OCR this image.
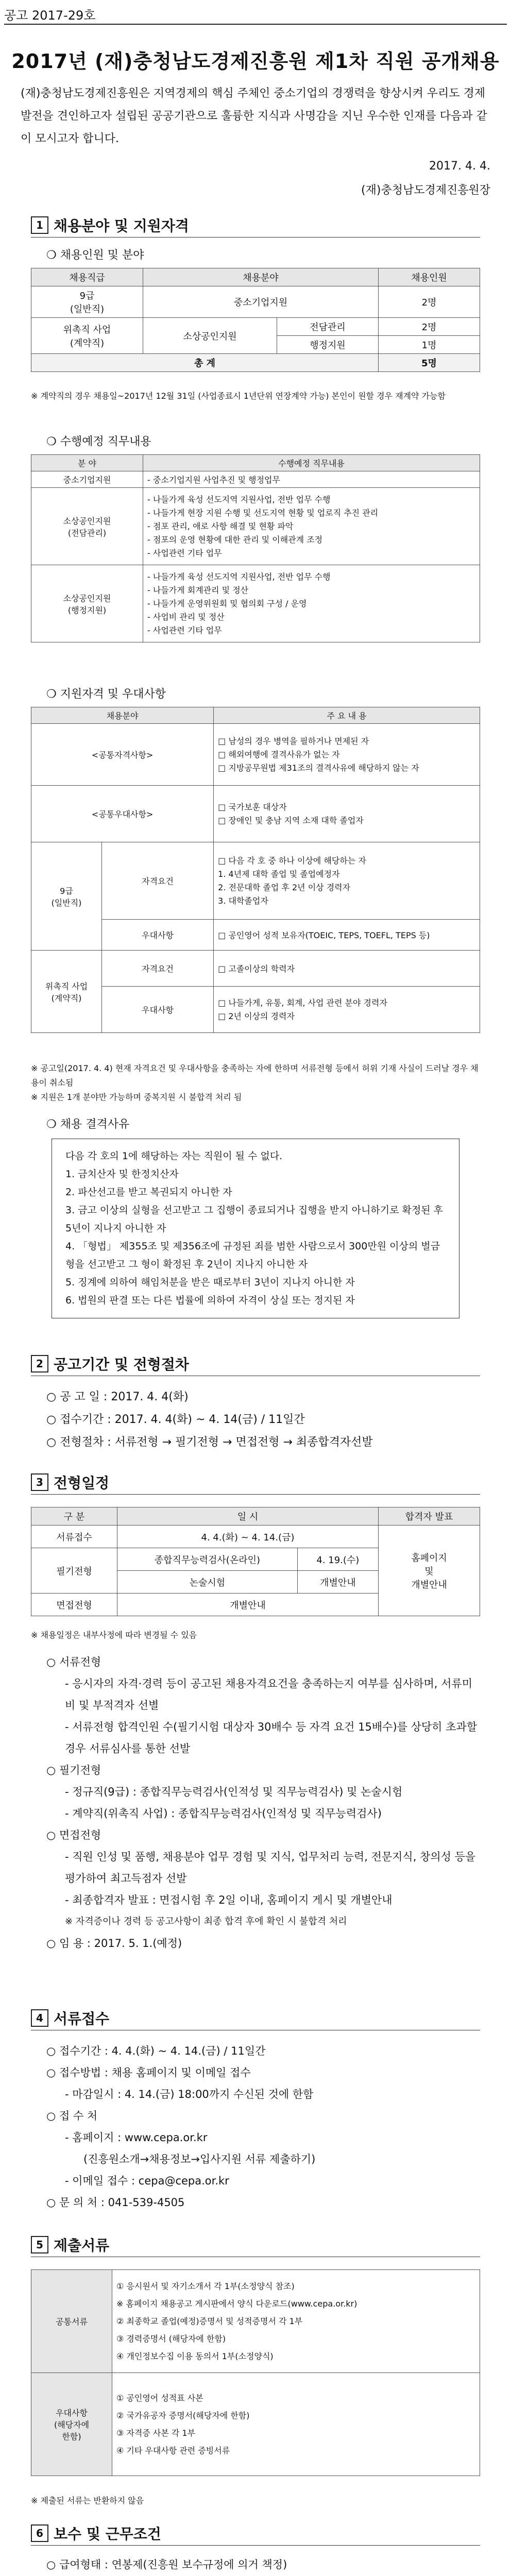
공고 2017-29호
2017년 (재)충청남도경제진흥원 제1차 직원 공개채용
(재)충청남도경제진흥원은 지역경제의 핵심 주체인 중소기업의 경쟁력을 향상시켜 우리도 경제발전을 견인하고자 설립된 공공기관으로 훌륭한 지식과 사명감을 지닌 우수한 인재를 다음과 같이 모시고자 합니다.
2017. 4. 4.
(재)충청남도경제진흥원장
1 채용분야 및 지원자격
❍ 채용인원 및 분야
채용직급	채용분야		채용인원
9급
(일반직)	중소기업지원		2명
위촉직 사업
(계약직)	소상공인지원	전담관리	2명
		행정지원	1명
총 계			5명
※ 계약직의 경우 채용일~2017년 12월 31일 (사업종료시 1년단위 연장계약 가능) 본인이 원할 경우 재계약 가능함
❍ 수행예정 직무내용
분 야	수행예정 직무내용
중소기업지원	- 중소기업지원 사업추진 및 행정업무
소상공인지원
(전담관리)	- 나들가게 육성 선도지역 지원사업, 전반 업무 수행
- 나들가게 현장 지원 수행 및 선도지역 현황 및 업로직 추진 관리
- 점포 관리, 애로 사항 해결 및 현황 파악
- 점포의 운영 현황에 대한 관리 및 이해관계 조정
- 사업관련 기타 업무
소상공인지원
(행정지원)	- 나들가게 육성 선도지역 지원사업, 전반 업무 수행
- 나들가게 회계관리 및 정산
- 나들가게 운영위원회 및 협의회 구성 / 운영
- 사업비 관리 및 정산
- 사업관련 기타 업무
❍ 지원자격 및 우대사항
채용분야		주 요 내 용
<공통자격사항>		□ 남성의 경우 병역을 필하거나 면제된 자
□ 해외여행에 결격사유가 없는 자
□ 지방공무원법 제31조의 결격사유에 해당하지 않는 자
<공통우대사항>		□ 국가보훈 대상자
□ 장애인 및 충남 지역 소재 대학 졸업자
9급
(일반직)	자격요건	□ 다음 각 호 중 하나 이상에 해당하는 자
1. 4년제 대학 졸업 및 졸업예정자
2. 전문대학 졸업 후 2년 이상 경력자
3. 대학졸업자
	우대사항	□ 공인영어 성적 보유자(TOEIC, TEPS, TOEFL, TEPS 등)
위촉직 사업
(계약직)	자격요건	□ 고졸이상의 학력자
	우대사항	□ 나들가게, 유통, 회계, 사업 관련 분야 경력자
□ 2년 이상의 경력자
※ 공고일(2017. 4. 4) 현재 자격요건 및 우대사항을 충족하는 자에 한하며 서류전형 등에서 허위 기재 사실이 드러날 경우 채용이 취소됨
※ 지원은 1개 분야만 가능하며 중복지원 시 불합격 처리 됨
❍ 채용 결격사유
다음 각 호의 1에 해당하는 자는 직원이 될 수 없다.
1. 금치산자 및 한정치산자
2. 파산선고를 받고 복권되지 아니한 자
3. 금고 이상의 실형을 선고받고 그 집행이 종료되거나 집행을 받지 아니하기로 확정된 후 5년이 지나지 아니한 자
4. 「형법」 제355조 및 제356조에 규정된 죄를 범한 사람으로서 300만원 이상의 벌금형을 선고받고 그 형이 확정된 후 2년이 지나지 아니한 자
5. 징계에 의하여 해임처분을 받은 때로부터 3년이 지나지 아니한 자
6. 법원의 판결 또는 다른 법률에 의하여 자격이 상실 또는 정지된 자
2 공고기간 및 전형절차
○ 공 고 일 : 2017. 4. 4(화)
○ 접수기간 : 2017. 4. 4(화) ~ 4. 14(금) / 11일간
○ 전형절차 : 서류전형 → 필기전형 → 면접전형 → 최종합격자선발
3 전형일정
구 분	일 시		합격자 발표
서류접수	4. 4.(화) ~ 4. 14.(금)		홈페이지
및
개별안내
필기전형	종합직무능력검사(온라인)	4. 19.(수)	
	논술시험	개별안내	
면접전형	개별안내		
※ 채용일정은 내부사정에 따라 변경될 수 있음
○ 서류전형
- 응시자의 자격·경력 등이 공고된 채용자격요건을 충족하는지 여부를 심사하며, 서류미비 및 부적격자 선별
- 서류전형 합격인원 수(필기시험 대상자 30배수 등 자격 요건 15배수)를 상당히 초과할 경우 서류심사를 통한 선발
○ 필기전형
- 정규직(9급) : 종합직무능력검사(인적성 및 직무능력검사) 및 논술시험
- 계약직(위촉직 사업) : 종합직무능력검사(인적성 및 직무능력검사)
○ 면접전형
- 직원 인성 및 품행, 채용분야 업무 경험 및 지식, 업무처리 능력, 전문지식, 창의성 등을 평가하여 최고득점자 선발
- 최종합격자 발표 : 면접시험 후 2일 이내, 홈페이지 게시 및 개별안내
※ 자격증이나 경력 등 공고사항이 최종 합격 후에 확인 시 불합격 처리
○ 임 용 : 2017. 5. 1.(예정)
4 서류접수
○ 접수기간 : 4. 4.(화) ~ 4. 14.(금) / 11일간
○ 접수방법 : 채용 홈페이지 및 이메일 접수
- 마감일시 : 4. 14.(금) 18:00까지 수신된 것에 한함
○ 접 수 처
- 홈페이지 : www.cepa.or.kr
(진흥원소개→채용정보→입사지원 서류 제출하기)
- 이메일 접수 : cepa@cepa.or.kr
○ 문 의 처 : 041-539-4505
5 제출서류
공통서류	① 응시원서 및 자기소개서 각 1부(소정양식 참조)
※ 홈페이지 채용공고 게시판에서 양식 다운로드(www.cepa.or.kr)
② 최종학교 졸업(예정)증명서 및 성적증명서 각 1부
③ 경력증명서 (해당자에 한함)
④ 개인정보수집 이용 동의서 1부(소정양식)
우대사항
(해당자에
한함)	① 공인영어 성적표 사본
② 국가유공자 증명서(해당자에 한함)
③ 자격증 사본 각 1부
④ 기타 우대사항 관련 증빙서류
※ 제출된 서류는 반환하지 않음
6 보수 및 근무조건
○ 급여형태 : 연봉제(진흥원 보수규정에 의거 책정)
